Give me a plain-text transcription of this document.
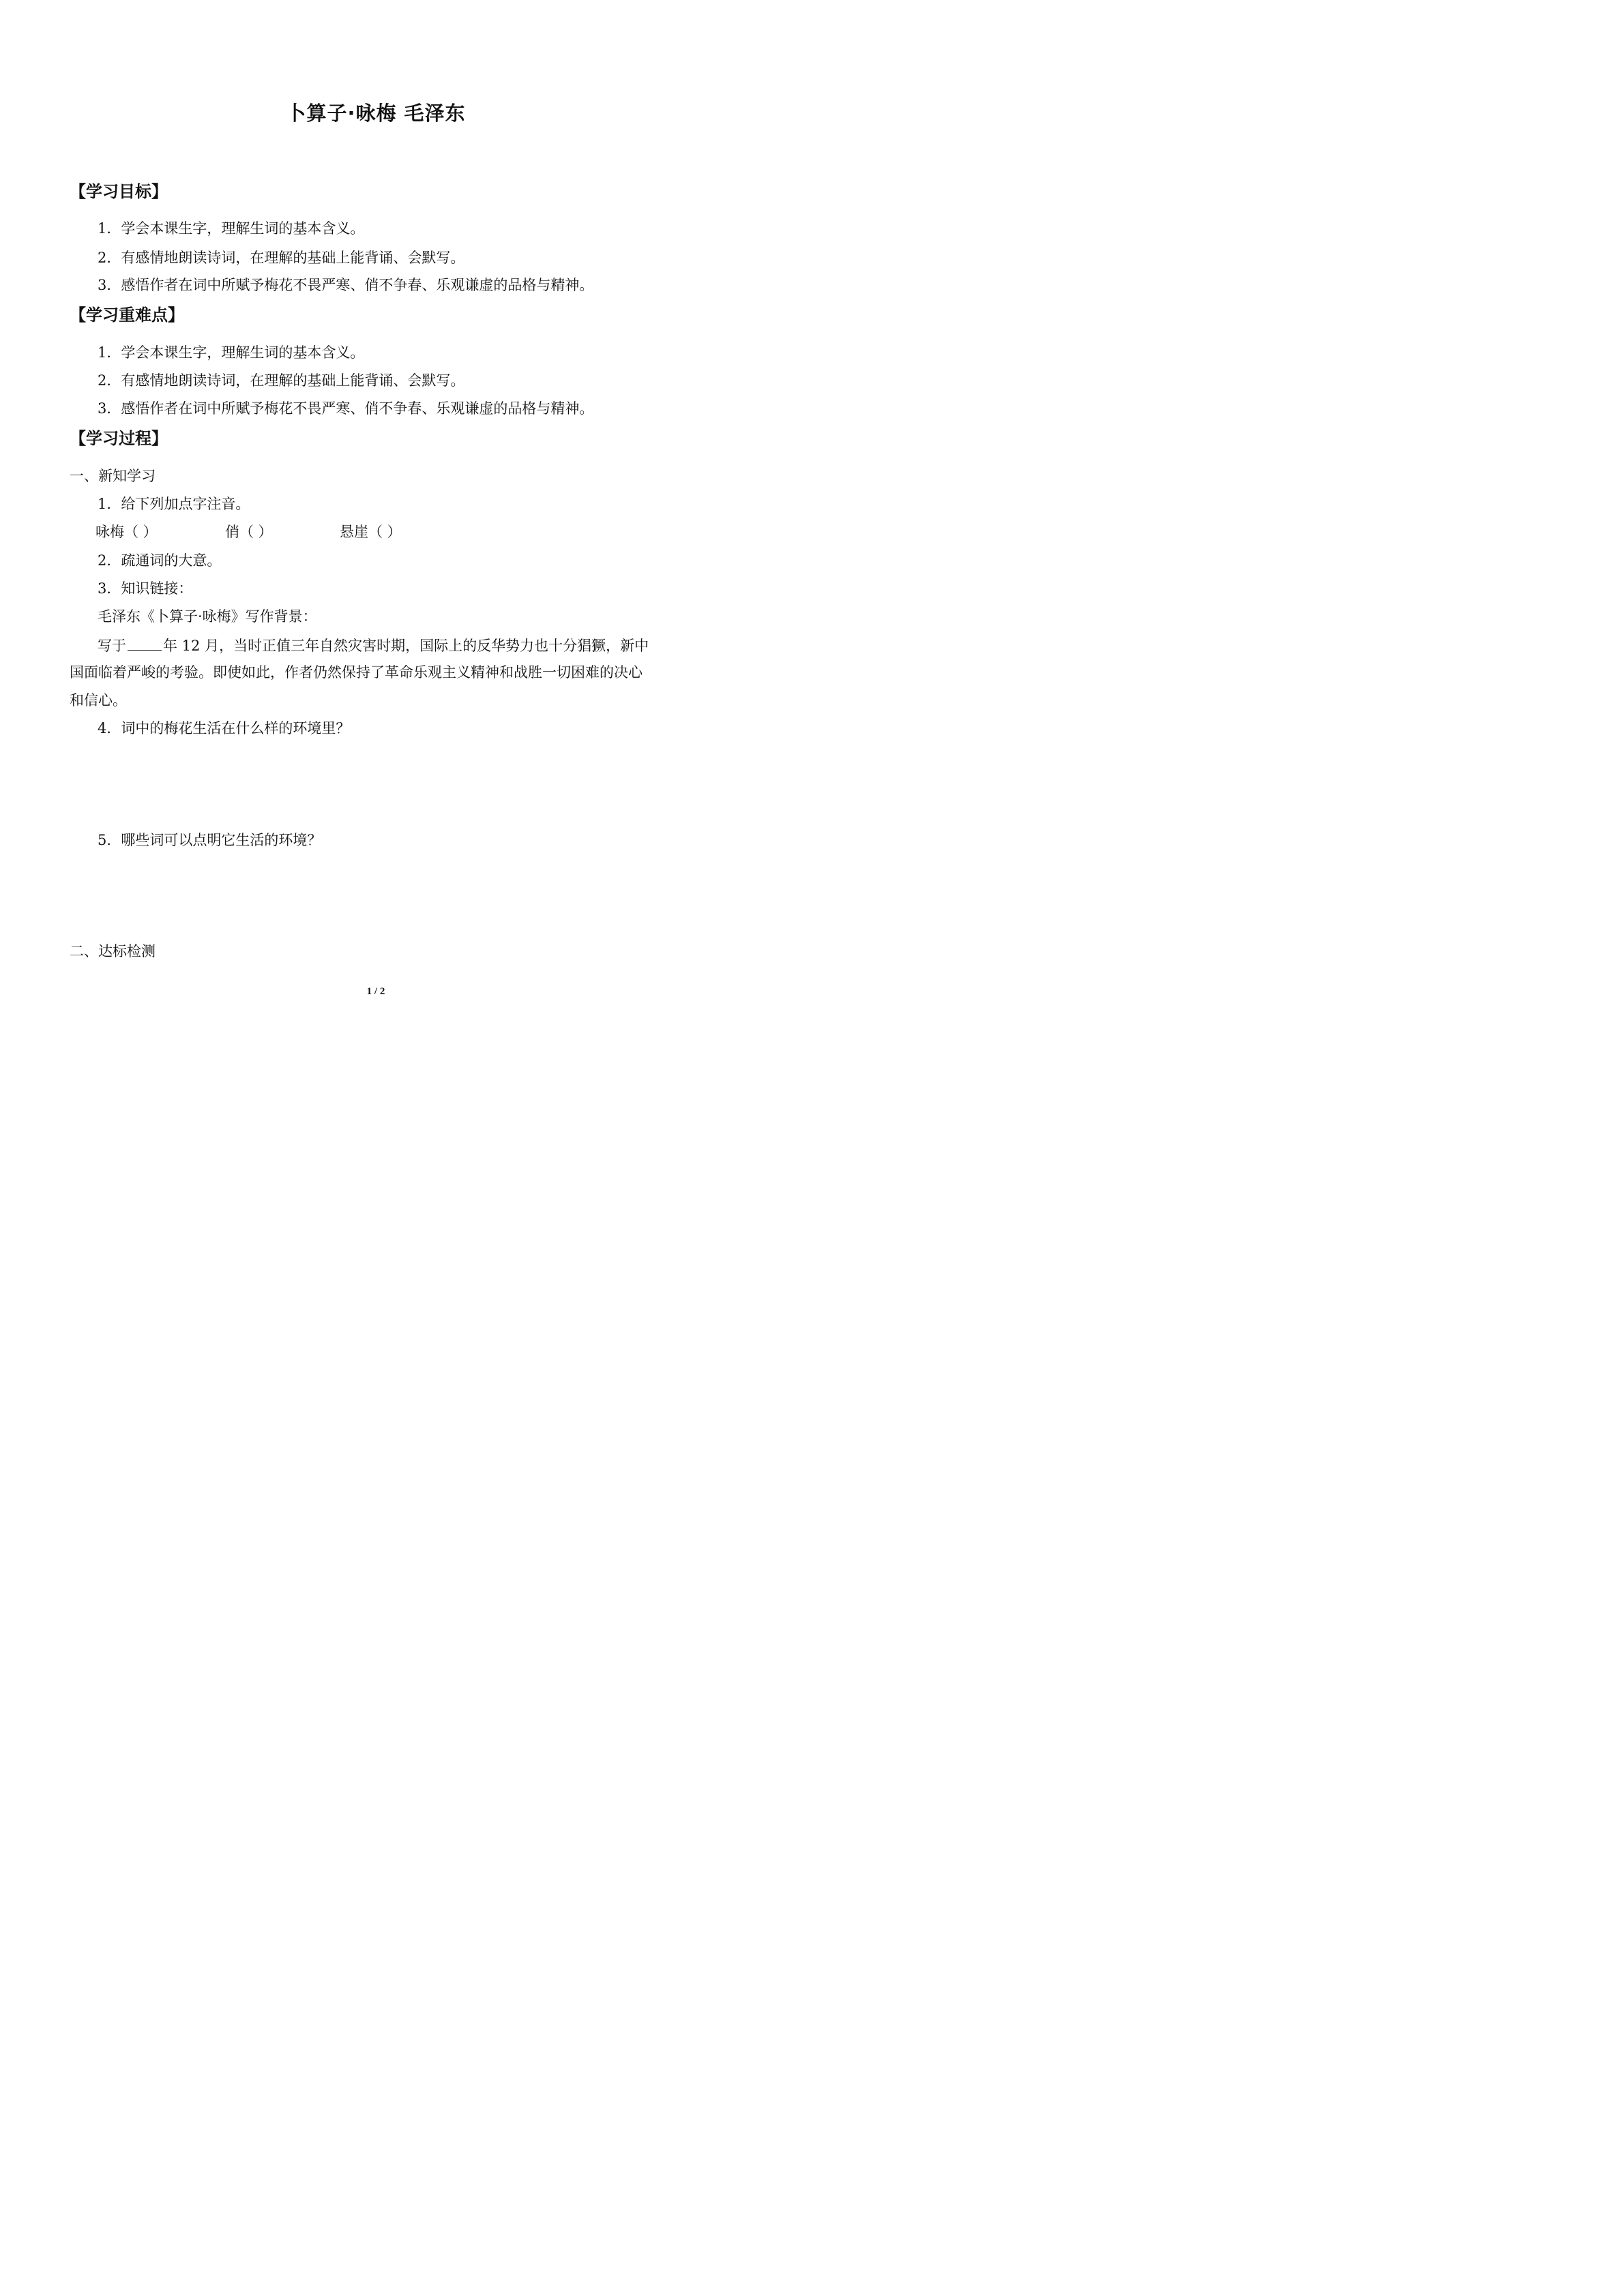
卜算子·咏梅 毛泽东
【学习目标】
1．学会本课生字，理解生词的基本含义。
2．有感情地朗读诗词，在理解的基础上能背诵、会默写。
3．感悟作者在词中所赋予梅花不畏严寒、俏不争春、乐观谦虚的品格与精神。
【学习重难点】
1．学会本课生字，理解生词的基本含义。
2．有感情地朗读诗词，在理解的基础上能背诵、会默写。
3．感悟作者在词中所赋予梅花不畏严寒、俏不争春、乐观谦虚的品格与精神。
【学习过程】
一、新知学习
1．给下列加点字注音。
咏梅（ ）	俏（ ）	悬崖（ ）
2．疏通词的大意。
3．知识链接：
毛泽东《卜算子·咏梅》写作背景：
写于	年 12 月，当时正值三年自然灾害时期，国际上的反华势力也十分猖獗，新中
国面临着严峻的考验。即使如此，作者仍然保持了革命乐观主义精神和战胜一切困难的决心
和信心。
4．词中的梅花生活在什么样的环境里？
5．哪些词可以点明它生活的环境？
二、达标检测
1 / 2
